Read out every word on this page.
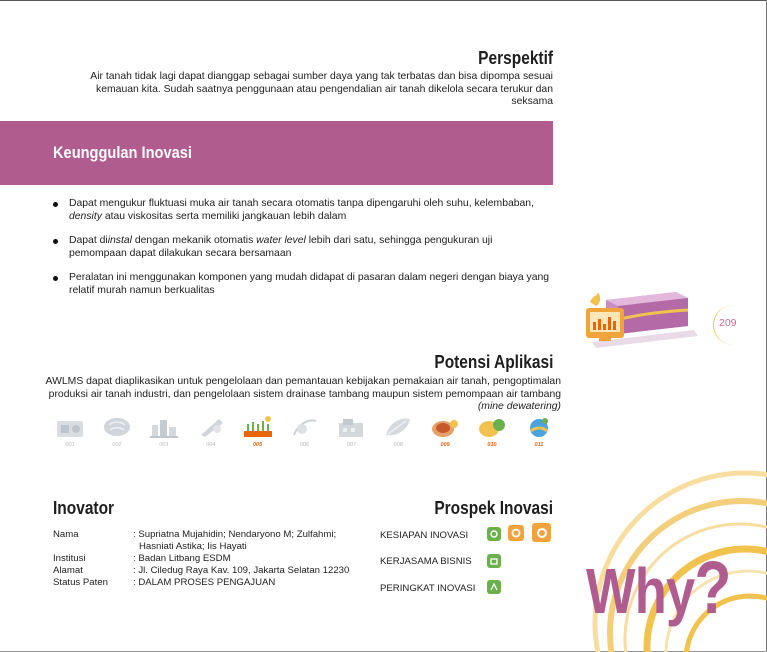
Perspektif
Air tanah tidak lagi dapat dianggap sebagai sumber daya yang tak terbatas dan bisa dipompa sesuai kemauan kita. Sudah saatnya penggunaan atau pengendalian air tanah dikelola secara terukur dan seksama
Keunggulan Inovasi
Dapat mengukur fluktuasi muka air tanah secara otomatis tanpa dipengaruhi oleh suhu, kelembaban, density atau viskositas serta memiliki jangkauan lebih dalam
Dapat diinstal dengan mekanik otomatis water level lebih dari satu, sehingga pengukuran uji pemompaan dapat dilakukan secara bersamaan
Peralatan ini menggunakan komponen yang mudah didapat di pasaran dalam negeri dengan biaya yang relatif murah namun berkualitas
209
Potensi Aplikasi
AWLMS dapat diaplikasikan untuk pengelolaan dan pemantauan kebijakan pemakaian air tanah, pengoptimalan produksi air tanah industri, dan pengelolaan sistem drainase tambang maupun sistem pemompaan air tambang (mine dewatering)
001	002	003	004	005	006	007	008	009	010	011
Inovator
Nama	: Supriatna Mujahidin; Nendaryono M; Zulfahmi;
Hasniati Astika; Iis Hayati
Institusi	: Badan Litbang ESDM
Alamat	: Jl. Ciledug Raya Kav. 109, Jakarta Selatan 12230
Status Paten	: DALAM PROSES PENGAJUAN
Prospek Inovasi
KESIAPAN INOVASI
KERJASAMA BISNIS
PERINGKAT INOVASI Why?
